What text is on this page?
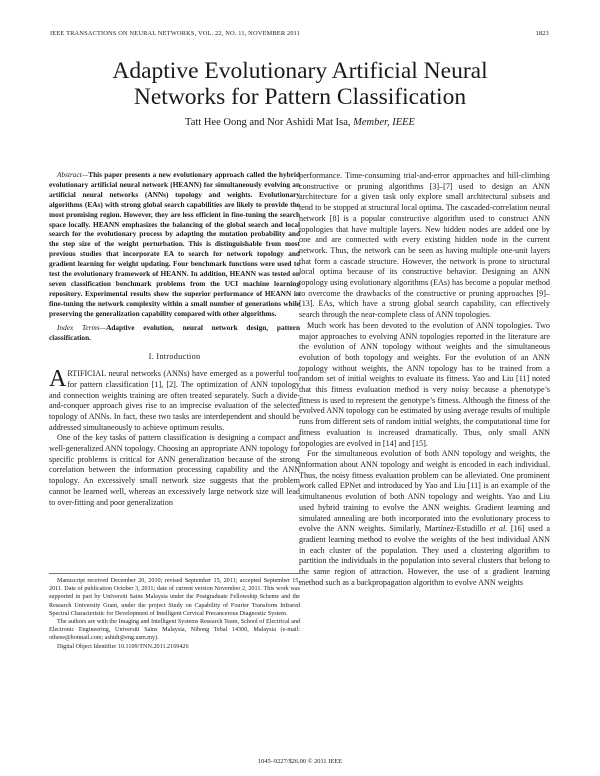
IEEE TRANSACTIONS ON NEURAL NETWORKS, VOL. 22, NO. 11, NOVEMBER 2011	1823
Adaptive Evolutionary Artificial Neural
Networks for Pattern Classification
Tatt Hee Oong and Nor Ashidi Mat Isa, Member, IEEE

Abstract—This paper presents a new evolutionary approach called the hybrid evolutionary artificial neural network (HEANN) for simultaneously evolving an artificial neural networks (ANNs) topology and weights. Evolutionary algorithms (EAs) with strong global search capabilities are likely to provide the most promising region. However, they are less efficient in fine-tuning the search space locally. HEANN emphasizes the balancing of the global search and local search for the evolutionary process by adapting the mutation probability and the step size of the weight perturbation. This is distinguishable from most previous studies that incorporate EA to search for network topology and gradient learning for weight updating. Four benchmark functions were used to test the evolutionary framework of HEANN. In addition, HEANN was tested on seven classification benchmark problems from the UCI machine learning repository. Experimental results show the superior performance of HEANN in fine-tuning the network complexity within a small number of generations while preserving the generalization capability compared with other algorithms.

Index Terms—Adaptive evolution, neural network design, pattern classification.

I. Introduction

ARTIFICIAL neural networks (ANNs) have emerged as a powerful tool for pattern classification [1], [2]. The optimization of ANN topology and connection weights training are often treated separately. Such a divide-and-conquer approach gives rise to an imprecise evaluation of the selected topology of ANNs. In fact, these two tasks are interdependent and should be addressed simultaneously to achieve optimum results.

One of the key tasks of pattern classification is designing a compact and well-generalized ANN topology. Choosing an appropriate ANN topology for specific problems is critical for ANN generalization because of the strong correlation between the information processing capability and the ANN topology. An excessively small network size suggests that the problem cannot be learned well, whereas an excessively large network size will lead to over-fitting and poor generalization

Manuscript received December 20, 2010; revised September 15, 2011; accepted September 15, 2011. Date of publication October 3, 2011; date of current version November 2, 2011. This work was supported in part by Universiti Sains Malaysia under the Postgraduate Fellowship Scheme and the Research University Grant, under the project Study on Capability of Fourier Transform Infrared Spectral Characteristic for Development of Intelligent Cervical Precancerous Diagnostic System.

The authors are with the Imaging and Intelligent Systems Research Team, School of Electrical and Electronic Engineering, Universiti Sains Malaysia, Nibong Tebal 14300, Malaysia (e-mail: otheee@hotmail.com; ashidi@eng.usm.my).

Digital Object Identifier 10.1109/TNN.2011.2169426

performance. Time-consuming trial-and-error approaches and hill-climbing constructive or pruning algorithms [3]–[7] used to design an ANN architecture for a given task only explore small architectural subsets and tend to be stopped at structural local optima. The cascaded-correlation neural network [8] is a popular constructive algorithm used to construct ANN topologies that have multiple layers. New hidden nodes are added one by one and are connected with every existing hidden node in the current network. Thus, the network can be seen as having multiple one-unit layers that form a cascade structure. However, the network is prone to structural local optima because of its constructive behavior. Designing an ANN topology using evolutionary algorithms (EAs) has become a popular method to overcome the drawbacks of the constructive or pruning approaches [9]–[13]. EAs, which have a strong global search capability, can effectively search through the near-complete class of ANN topologies.

Much work has been devoted to the evolution of ANN topologies. Two major approaches to evolving ANN topologies reported in the literature are the evolution of ANN topology without weights and the simultaneous evolution of both topology and weights. For the evolution of an ANN topology without weights, the ANN topology has to be trained from a random set of initial weights to evaluate its fitness. Yao and Liu [11] noted that this fitness evaluation method is very noisy because a phenotype’s fitness is used to represent the genotype’s fitness. Although the fitness of the evolved ANN topology can be estimated by using average results of multiple runs from different sets of random initial weights, the computational time for fitness evaluation is increased dramatically. Thus, only small ANN topologies are evolved in [14] and [15].

For the simultaneous evolution of both ANN topology and weights, the information about ANN topology and weight is encoded in each individual. Thus, the noisy fitness evaluation problem can be alleviated. One prominent work called EPNet and introduced by Yao and Liu [11] is an example of the simultaneous evolution of both ANN topology and weights. Yao and Liu used hybrid training to evolve the ANN weights. Gradient learning and simulated annealing are both incorporated into the evolutionary process to evolve the ANN weights. Similarly, Martínez-Estudillo et al. [16] used a gradient learning method to evolve the weights of the best individual ANN in each cluster of the population. They used a clustering algorithm to partition the individuals in the population into several clusters that belong to the same region of attraction. However, the use of a gradient learning method such as a backpropagation algorithm to evolve ANN weights

1045–9227/$26.00 © 2011 IEEE
